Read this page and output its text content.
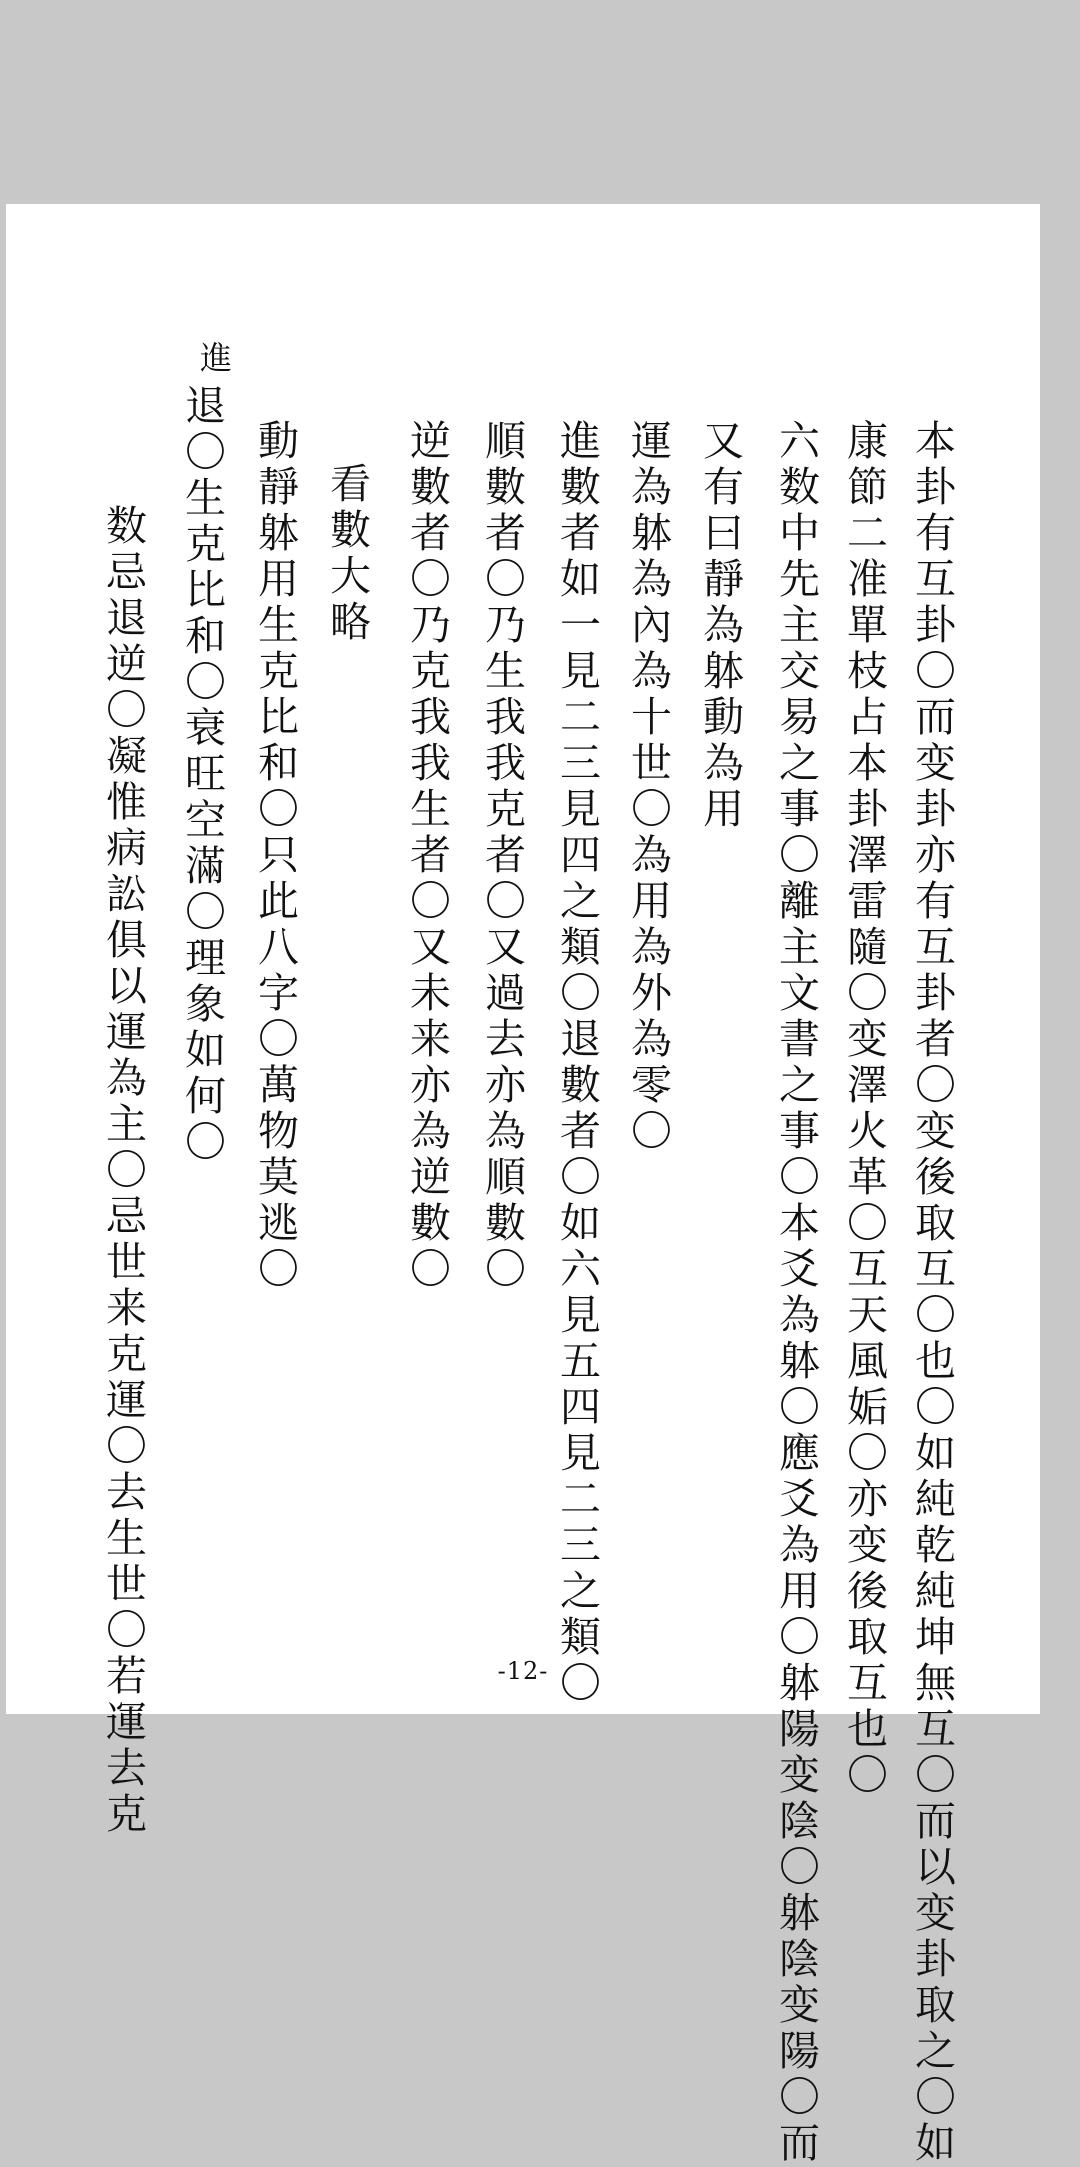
本卦有互卦〇而变卦亦有互卦者〇变後取互〇也〇如純乾純坤無互〇而以变卦取之〇如
康節二准單枝占本卦澤雷隨〇变澤火革〇互天風姤〇亦变後取互也〇
六数中先主交易之事〇離主文書之事〇本爻為躰〇應爻為用〇躰陽变陰〇躰陰变陽〇而
又有曰靜為躰動為用
運為躰為內為十世〇為用為外為零〇
進數者如一見二三見四之類〇退數者〇如六見五四見二三之類〇
順數者〇乃生我我克者〇又過去亦為順數〇
逆數者〇乃克我我生者〇又未来亦為逆數〇
看數大略
動靜躰用生克比和〇只此八字〇萬物莫逃〇
進
退〇生克比和〇衰旺空滿〇理象如何〇
数忌退逆〇凝惟病訟俱以運為主〇忌世来克運〇去生世〇若運去克	-12-
